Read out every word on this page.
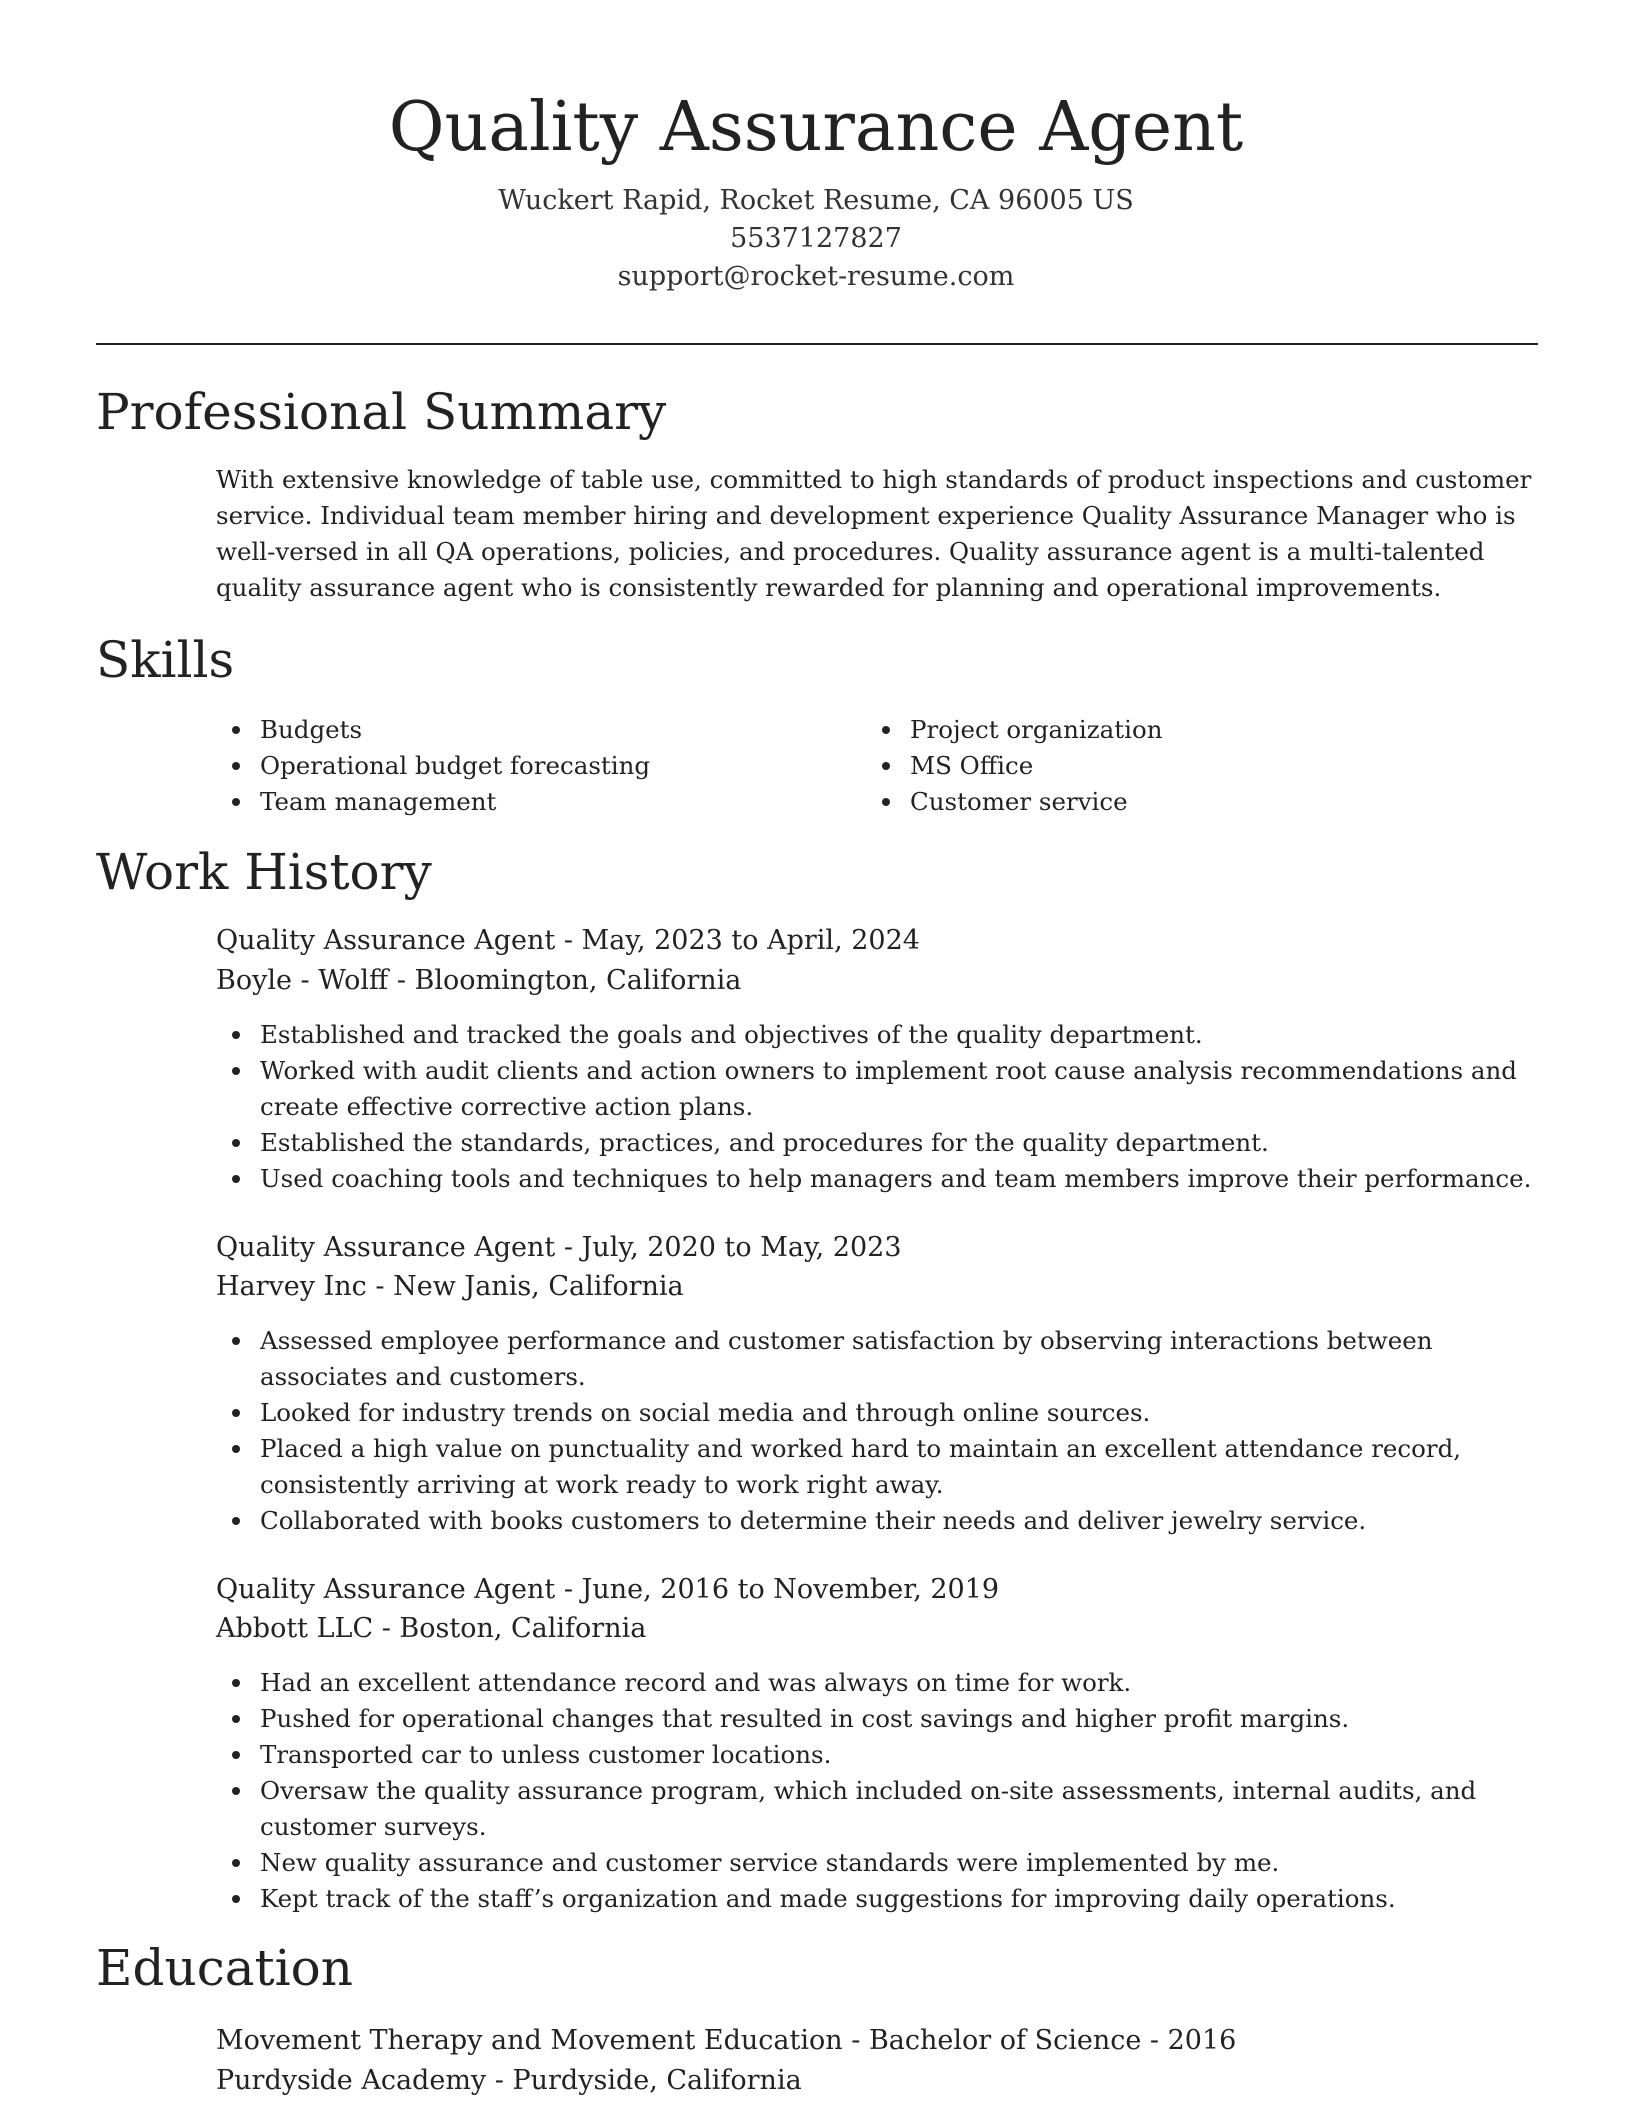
Quality Assurance Agent
Wuckert Rapid, Rocket Resume, CA 96005 US
5537127827
support@rocket-resume.com
Professional Summary

With extensive knowledge of table use, committed to high standards of product inspections and customer service. Individual team member hiring and development experience Quality Assurance Manager who is well-versed in all QA operations, policies, and procedures. Quality assurance agent is a multi-talented quality assurance agent who is consistently rewarded for planning and operational improvements.

Skills
Budgets
Operational budget forecasting
Team management
Project organization
MS Office
Customer service
Work History
Quality Assurance Agent - May, 2023 to April, 2024
Boyle - Wolff - Bloomington, California
Established and tracked the goals and objectives of the quality department.
Worked with audit clients and action owners to implement root cause analysis recommendations and create effective corrective action plans.
Established the standards, practices, and procedures for the quality department.
Used coaching tools and techniques to help managers and team members improve their performance.
Quality Assurance Agent - July, 2020 to May, 2023
Harvey Inc - New Janis, California
Assessed employee performance and customer satisfaction by observing interactions between associates and customers.
Looked for industry trends on social media and through online sources.
Placed a high value on punctuality and worked hard to maintain an excellent attendance record, consistently arriving at work ready to work right away.
Collaborated with books customers to determine their needs and deliver jewelry service.
Quality Assurance Agent - June, 2016 to November, 2019
Abbott LLC - Boston, California
Had an excellent attendance record and was always on time for work.
Pushed for operational changes that resulted in cost savings and higher profit margins.
Transported car to unless customer locations.
Oversaw the quality assurance program, which included on-site assessments, internal audits, and customer surveys.
New quality assurance and customer service standards were implemented by me.
Kept track of the staff’s organization and made suggestions for improving daily operations.
Education
Movement Therapy and Movement Education - Bachelor of Science - 2016
Purdyside Academy - Purdyside, California
